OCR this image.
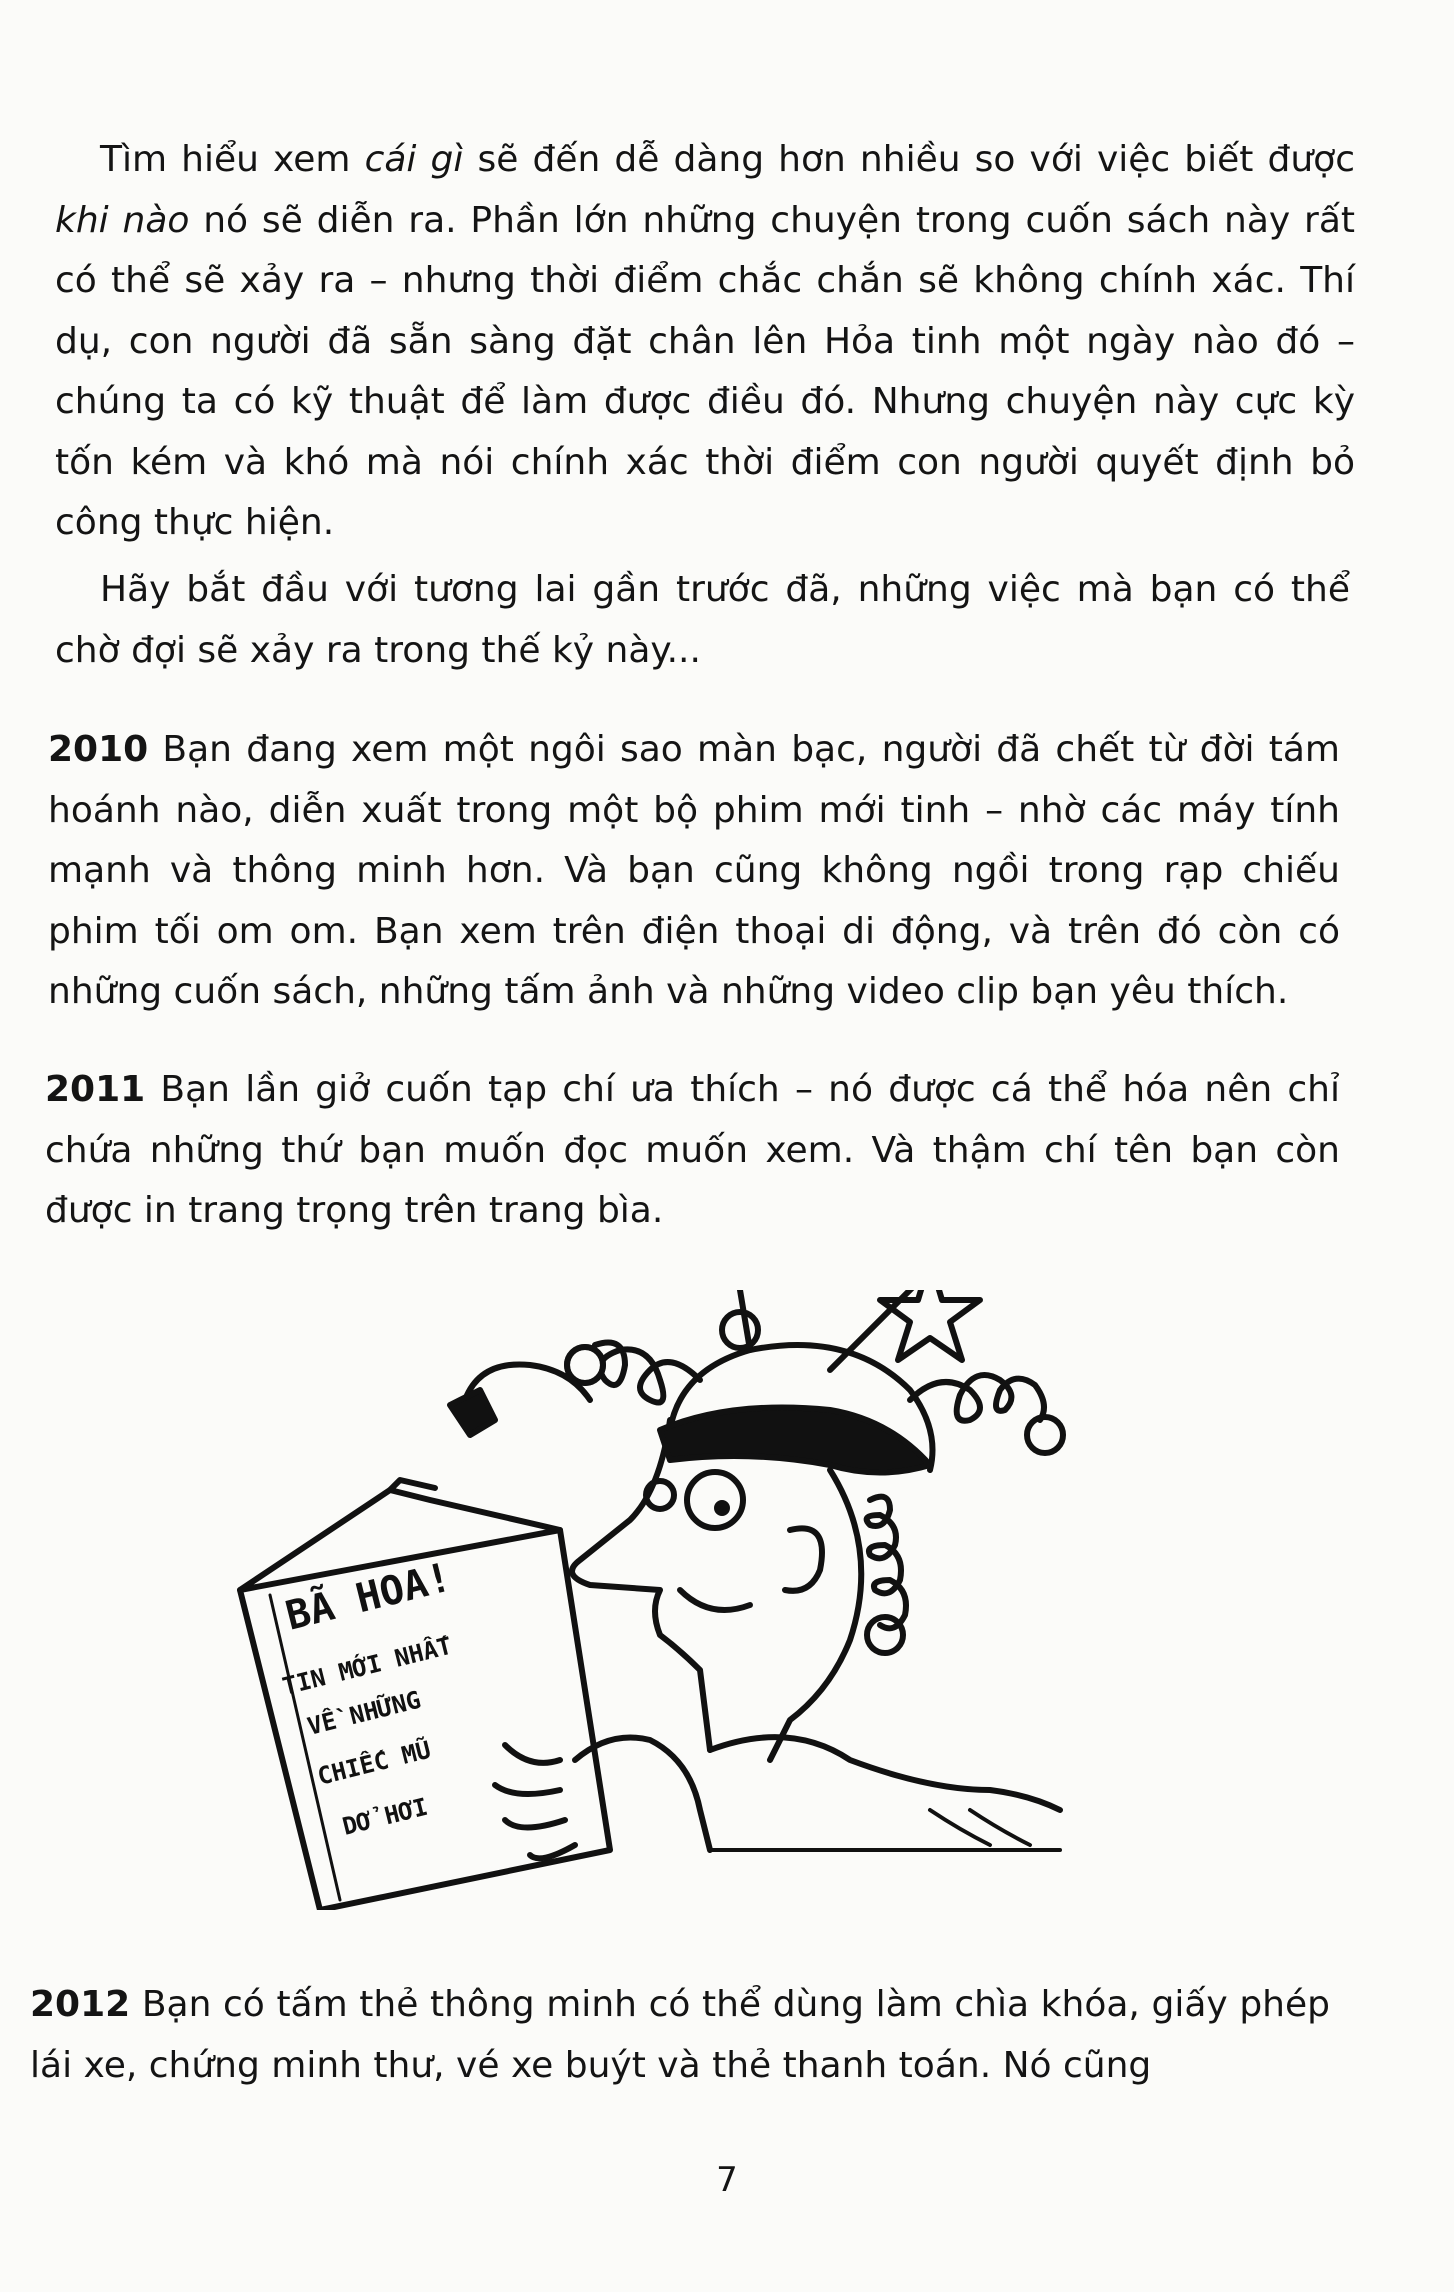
Tìm hiểu xem cái gì sẽ đến dễ dàng hơn nhiều so với việc biết được khi nào nó sẽ diễn ra. Phần lớn những chuyện trong cuốn sách này rất có thể sẽ xảy ra – nhưng thời điểm chắc chắn sẽ không chính xác. Thí dụ, con người đã sẵn sàng đặt chân lên Hỏa tinh một ngày nào đó – chúng ta có kỹ thuật để làm được điều đó. Nhưng chuyện này cực kỳ tốn kém và khó mà nói chính xác thời điểm con người quyết định bỏ công thực hiện.

Hãy bắt đầu với tương lai gần trước đã, những việc mà bạn có thể chờ đợi sẽ xảy ra trong thế kỷ này...

2010 Bạn đang xem một ngôi sao màn bạc, người đã chết từ đời tám hoánh nào, diễn xuất trong một bộ phim mới tinh – nhờ các máy tính mạnh và thông minh hơn. Và bạn cũng không ngồi trong rạp chiếu phim tối om om. Bạn xem trên điện thoại di động, và trên đó còn có những cuốn sách, những tấm ảnh và những video clip bạn yêu thích.

2011 Bạn lần giở cuốn tạp chí ưa thích – nó được cá thể hóa nên chỉ chứa những thứ bạn muốn đọc muốn xem. Và thậm chí tên bạn còn được in trang trọng trên trang bìa.

BÃ HOA!
TIN MỚI NHẤT
VỀ NHỮNG
CHIẾC MŨ
DỞ HƠI

2012 Bạn có tấm thẻ thông minh có thể dùng làm chìa khóa, giấy phép lái xe, chứng minh thư, vé xe buýt và thẻ thanh toán. Nó cũng

7
